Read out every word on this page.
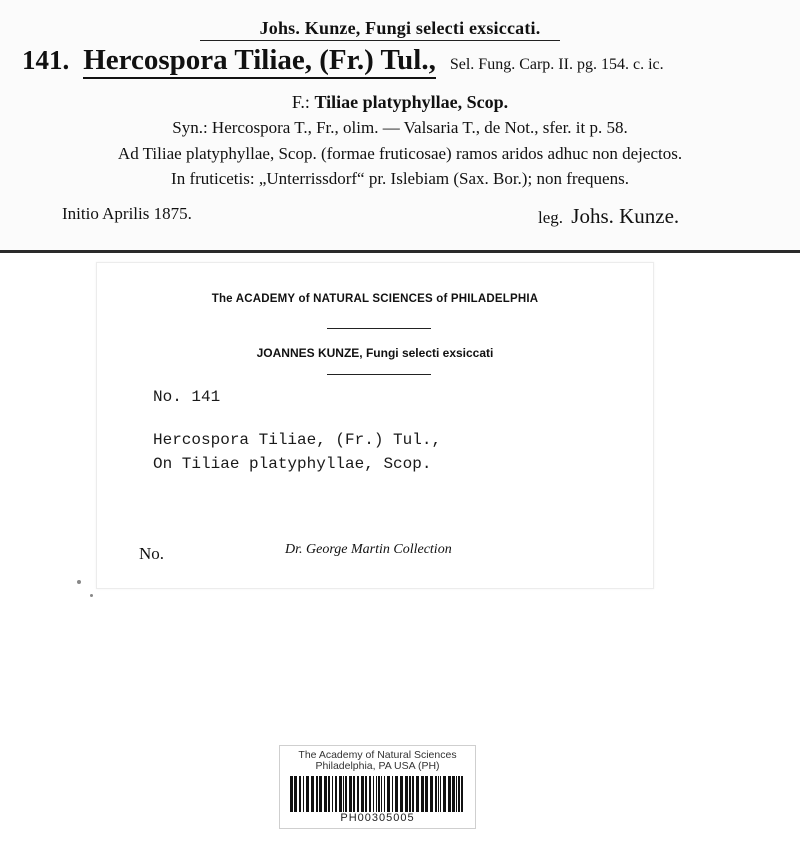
Johs. Kunze, Fungi selecti exsiccati.
141. Hercospora Tiliae, (Fr.) Tul., Sel. Fung. Carp. II. pg. 154. c. ic.
F.: Tiliae platyphyllae, Scop.
Syn.: Hercospora T., Fr., olim. — Valsaria T., de Not., sfer. it p. 58.
Ad Tiliae platyphyllae, Scop. (formae fruticosae) ramos aridos adhuc non dejectos.
In fruticetis: „Unterrissdorf“ pr. Islebiam (Sax. Bor.); non frequens.
Initio Aprilis 1875.	leg. Johs. Kunze.
The ACADEMY of NATURAL SCIENCES of PHILADELPHIA
JOANNES KUNZE, Fungi selecti exsiccati
No. 141
Hercospora Tiliae, (Fr.) Tul.,
On Tiliae platyphyllae, Scop.
No.	Dr. George Martin Collection
The Academy of Natural Sciences
Philadelphia, PA USA (PH)
PH00305005
